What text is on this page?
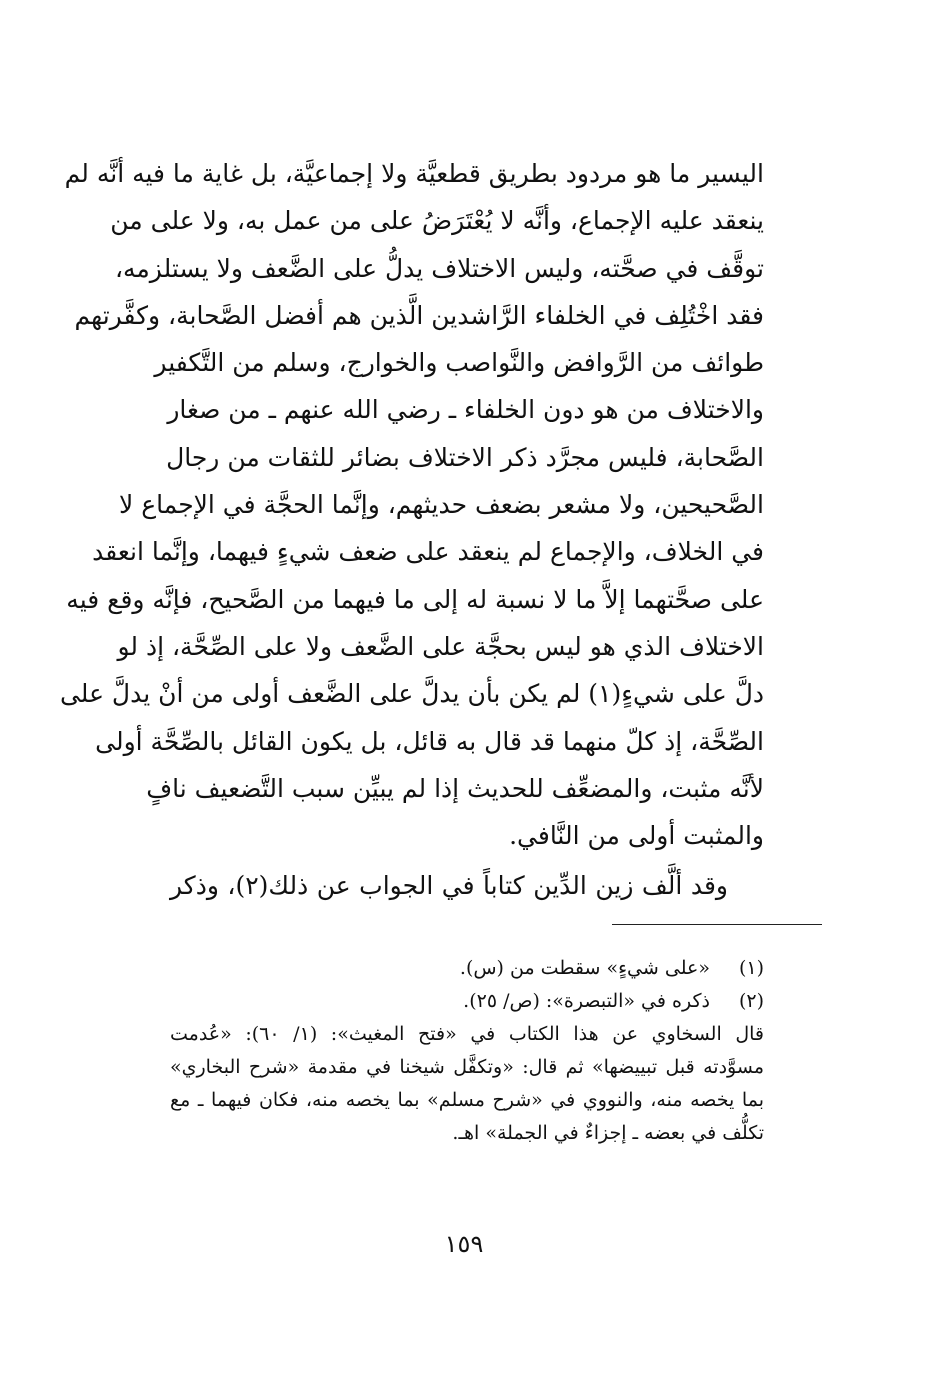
اليسير ما هو مردود بطريق قطعيَّة ولا إجماعيَّة، بل غاية ما فيه أنَّه لم
ينعقد عليه الإجماع، وأنَّه لا يُعْتَرَضُ على من عمل به، ولا على من
توقَّف في صحَّته، وليس الاختلاف يدلُّ على الضَّعف ولا يستلزمه،
فقد اخْتُلِف في الخلفاء الرَّاشدين الَّذين هم أفضل الصَّحابة، وكفَّرتهم
طوائف من الرَّوافض والنَّواصب والخوارج، وسلم من التَّكفير
والاختلاف من هو دون الخلفاء ـ رضي الله عنهم ـ من صغار
الصَّحابة، فليس مجرَّد ذكر الاختلاف بضائر للثقات من رجال
الصَّحيحين، ولا مشعر بضعف حديثهم، وإنَّما الحجَّة في الإجماع لا
في الخلاف، والإجماع لم ينعقد على ضعف شيءٍ فيهما، وإنَّما انعقد
على صحَّتهما إلاَّ ما لا نسبة له إلى ما فيهما من الصَّحيح، فإنَّه وقع فيه
الاختلاف الذي هو ليس بحجَّة على الضَّعف ولا على الصِّحَّة، إذ لو
دلَّ على شيءٍ(١) لم يكن بأن يدلَّ على الضَّعف أولى من أنْ يدلَّ على
الصِّحَّة، إذ كلّ منهما قد قال به قائل، بل يكون القائل بالصِّحَّة أولى
لأنَّه مثبت، والمضعِّف للحديث إذا لم يبيِّن سبب التَّضعيف نافٍ
والمثبت أولى من النَّافي.
وقد ألَّف زين الدِّين كتاباً في الجواب عن ذلك(٢)، وذكر
(١) «على شيءٍ» سقطت من (س).
(٢) ذكره في «التبصرة»: (ص/ ٢٥).
قال السخاوي عن هذا الكتاب في «فتح المغيث»: (١/ ٦٠): «عُدمت
مسوَّدته قبل تبييضها» ثم قال: «وتكفَّل شيخنا في مقدمة «شرح البخاري»
بما يخصه منه، والنووي في «شرح مسلم» بما يخصه منه، فكان فيهما ـ مع
تكلُّف في بعضه ـ إجزاءٌ في الجملة» اهـ.
١٥٩
